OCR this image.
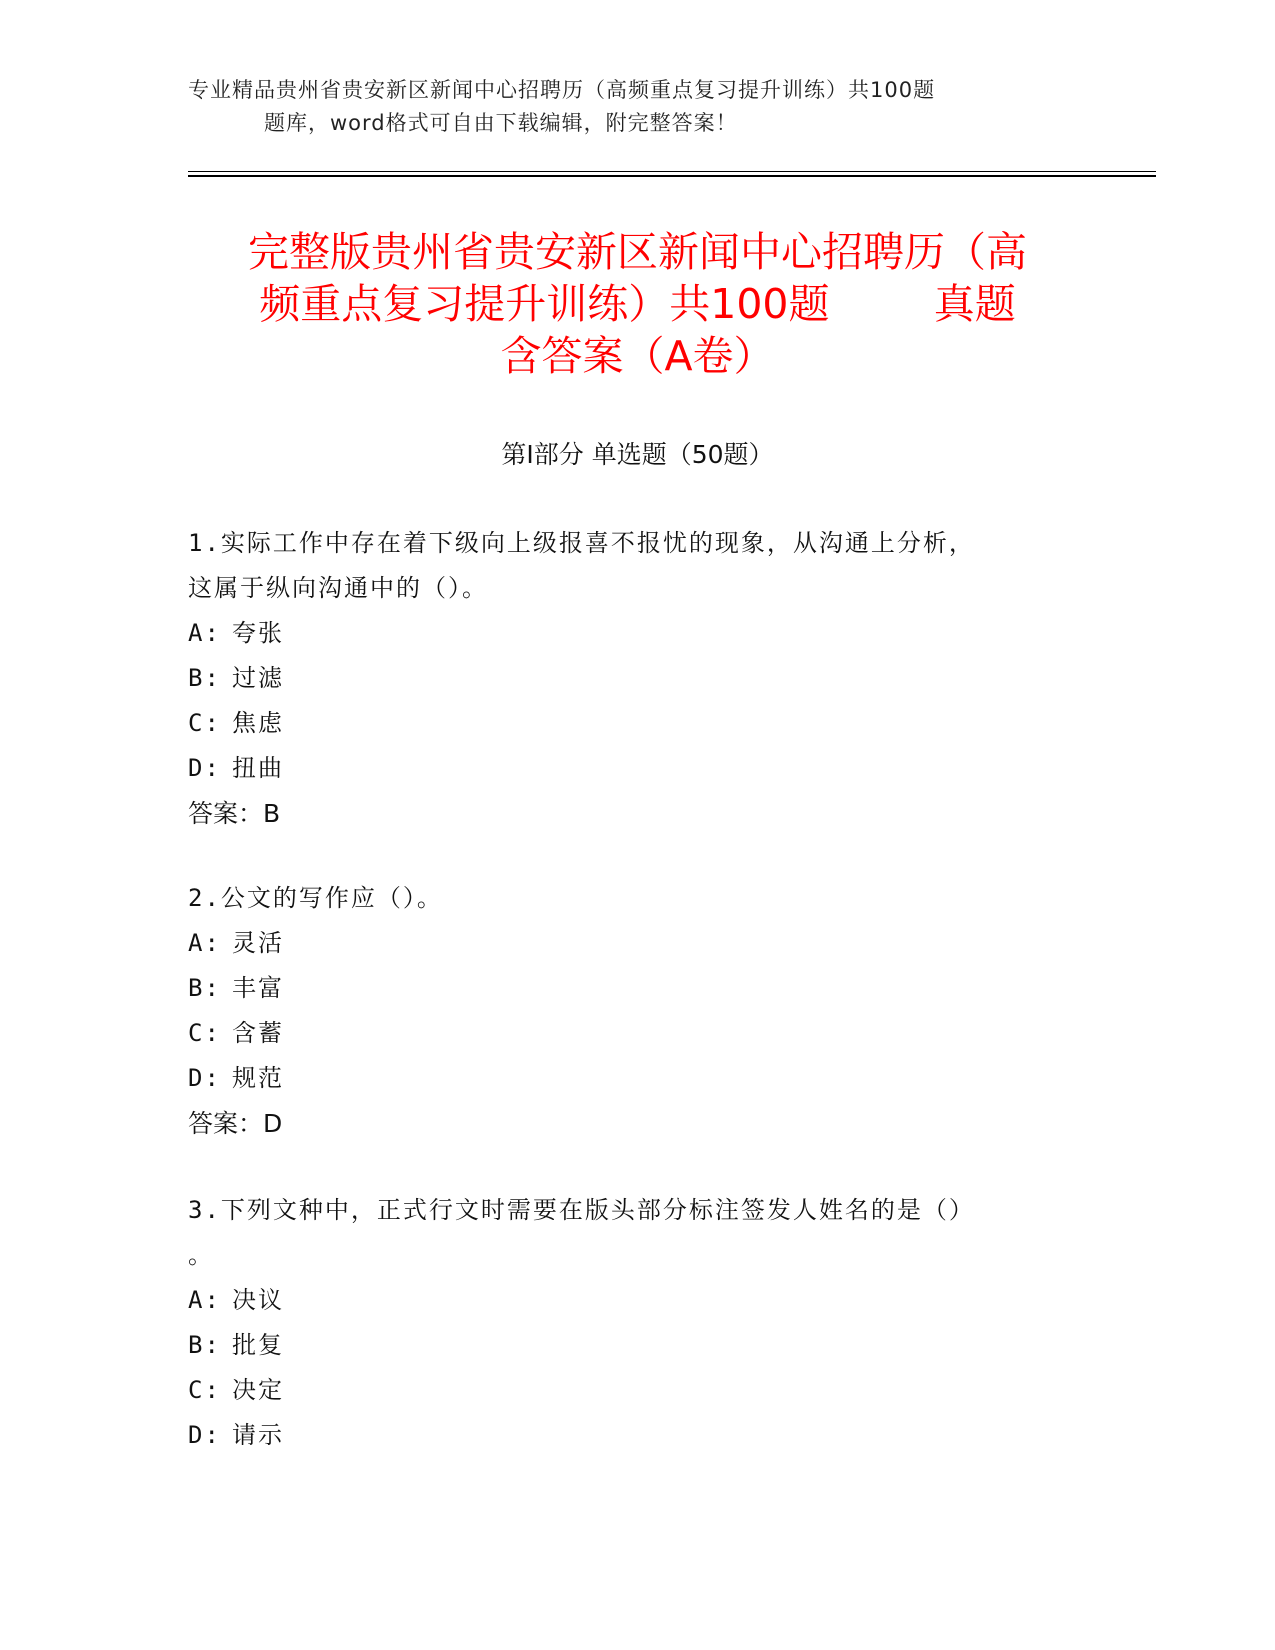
专业精品贵州省贵安新区新闻中心招聘历（高频重点复习提升训练）共100题
题库，word格式可自由下载编辑，附完整答案！
完整版贵州省贵安新区新闻中心招聘历（高
频重点复习提升训练）共100题        真题
含答案（A卷）
第Ⅰ部分 单选题（50题）

1.实际工作中存在着下级向上级报喜不报忧的现象，从沟通上分析，

这属于纵向沟通中的（）。

A: 夸张

B: 过滤

C: 焦虑

D: 扭曲

答案：B

2.公文的写作应（）。

A: 灵活

B: 丰富

C: 含蓄

D: 规范

答案：D

3.下列文种中，正式行文时需要在版头部分标注签发人姓名的是（）

。

A: 决议

B: 批复

C: 决定

D: 请示
